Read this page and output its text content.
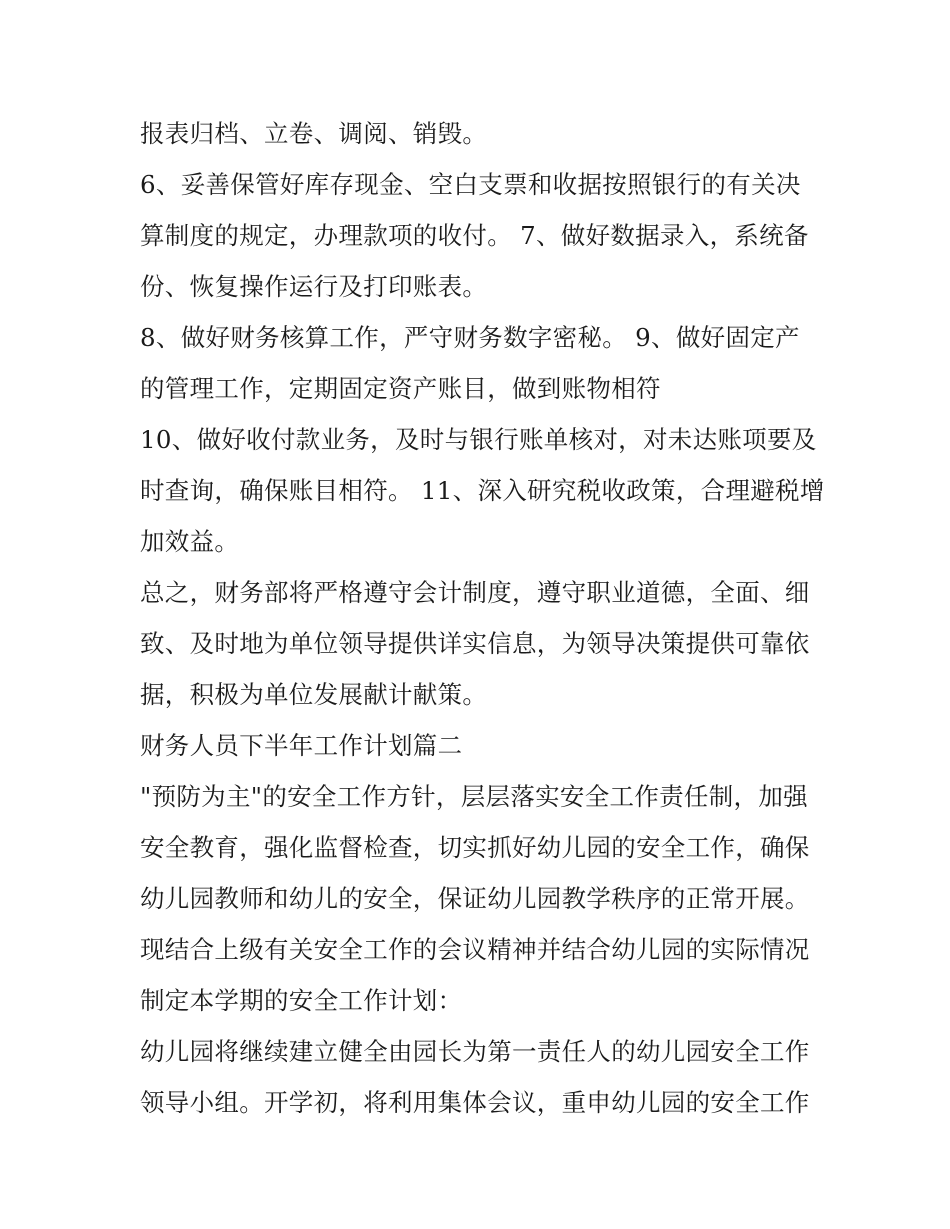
报表归档、立卷、调阅、销毁。
6、妥善保管好库存现金、空白支票和收据按照银行的有关决
算制度的规定，办理款项的收付。 7、做好数据录入，系统备
份、恢复操作运行及打印账表。
8、做好财务核算工作，严守财务数字密秘。 9、做好固定产
的管理工作，定期固定资产账目，做到账物相符
10、做好收付款业务，及时与银行账单核对，对未达账项要及
时查询，确保账目相符。 11、深入研究税收政策，合理避税增
加效益。
总之，财务部将严格遵守会计制度，遵守职业道德，全面、细
致、及时地为单位领导提供详实信息，为领导决策提供可靠依
据，积极为单位发展献计献策。
财务人员下半年工作计划篇二
"预防为主"的安全工作方针，层层落实安全工作责任制，加强
安全教育，强化监督检查，切实抓好幼儿园的安全工作，确保
幼儿园教师和幼儿的安全，保证幼儿园教学秩序的正常开展。
现结合上级有关安全工作的会议精神并结合幼儿园的实际情况
制定本学期的安全工作计划：
幼儿园将继续建立健全由园长为第一责任人的幼儿园安全工作
领导小组。开学初，将利用集体会议，重申幼儿园的安全工作
